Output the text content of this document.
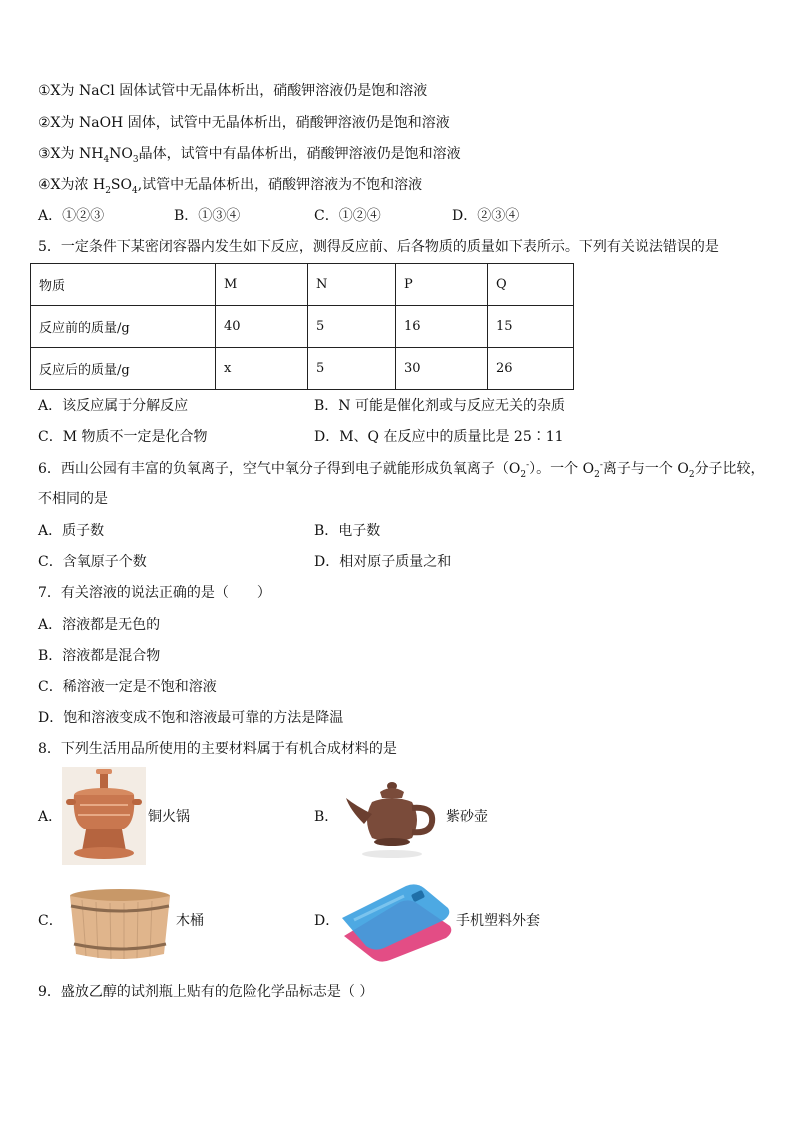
①X为 NaCl 固体试管中无晶体析出，硝酸钾溶液仍是饱和溶液
②X为 NaOH 固体，试管中无晶体析出，硝酸钾溶液仍是饱和溶液
③X为 $NH_4NO_3$晶体，试管中有晶体析出，硝酸钾溶液仍是饱和溶液
④X为浓 $H_2SO_4$,试管中无晶体析出，硝酸钾溶液为不饱和溶液
A．①②③	B．①③④	C．①②④	D．②③④
5．一定条件下某密闭容器内发生如下反应，测得反应前、后各物质的质量如下表所示。下列有关说法错误的是
物质	M	N	P	Q
反应前的质量/g	40	5	16	15
反应后的质量/g	x	5	30	26
A．该反应属于分解反应	B．N 可能是催化剂或与反应无关的杂质
C．M 物质不一定是化合物	D．M、Q 在反应中的质量比是 25∶11
6．西山公园有丰富的负氧离子，空气中氧分子得到电子就能形成负氧离子$(O_2^-)$。一个 $O_2^-$离子与一个 $O_2$分子比较，
不相同的是
A．质子数	B．电子数
C．含氧原子个数	D．相对原子质量之和
7．有关溶液的说法正确的是（　　）
A．溶液都是无色的
B．溶液都是混合物
C．稀溶液一定是不饱和溶液
D．饱和溶液变成不饱和溶液最可靠的方法是降温
8．下列生活用品所使用的主要材料属于有机合成材料的是
A．	铜火锅	B．	紫砂壶
C．	木桶	D．	手机塑料外套
9．盛放乙醇的试剂瓶上贴有的危险化学品标志是（ ）
